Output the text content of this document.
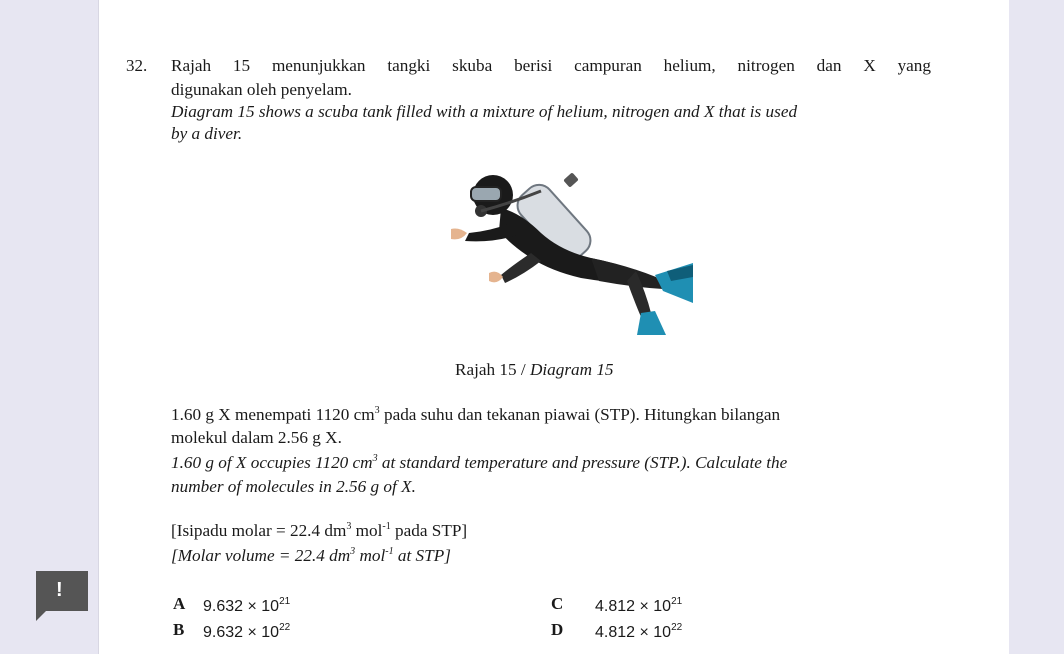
32. Rajah 15 menunjukkan tangki skuba berisi campuran helium, nitrogen dan X yang
digunakan oleh penyelam.
Diagram 15 shows a scuba tank filled with a mixture of helium, nitrogen and X that is used
by a diver.
Rajah 15 / Diagram 15
1.60 g X menempati 1120 $cm^3$ pada suhu dan tekanan piawai (STP). Hitungkan bilangan
molekul dalam 2.56 g X.
1.60 g of X occupies 1120 $cm^3$ at standard temperature and pressure (STP.). Calculate the
number of molecules in 2.56 g of X.
[Isipadu molar = 22.4 $dm^3$ mol$^{-1}$ pada STP]
[Molar volume = 22.4 $dm^3$ mol$^{-1}$ at STP]
!
A $9.632 \times 10^{21}$
B $9.632 \times 10^{22}$
C $4.812 \times 10^{21}$
D $4.812 \times 10^{22}$
